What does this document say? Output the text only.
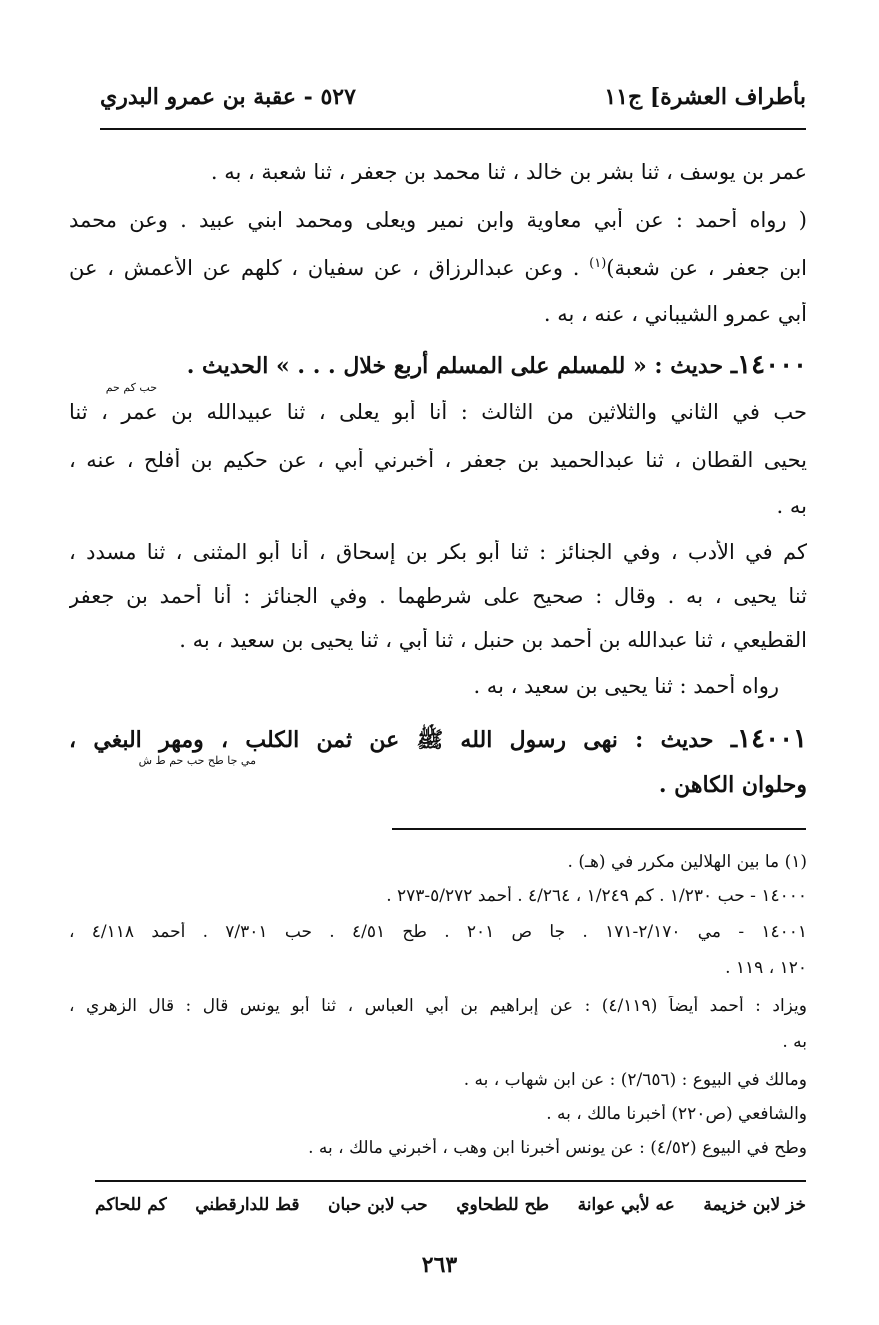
بأطراف العشرة] ج١١
٥٢٧ - عقبة بن عمرو البدري
عمر بن يوسف ، ثنا بشر بن خالد ، ثنا محمد بن جعفر ، ثنا شعبة ، به .
( رواه أحمد : عن أبي معاوية وابن نمير ويعلى ومحمد ابني عبيد . وعن محمد
ابن جعفر ، عن شعبة)$^{(١)}$ . وعن عبدالرزاق ، عن سفيان ، كلهم عن الأعمش ، عن
أبي عمرو الشيباني ، عنه ، به .
١٤٠٠٠ـ حديث : « للمسلم على المسلم أربع خلال . . . » الحديث .
حب كم حم
حب في الثاني والثلاثين من الثالث : أنا أبو يعلى ، ثنا عبيدالله بن عمر ، ثنا
يحيى القطان ، ثنا عبدالحميد بن جعفر ، أخبرني أبي ، عن حكيم بن أفلح ، عنه ،
به .
كم في الأدب ، وفي الجنائز : ثنا أبو بكر بن إسحاق ، أنا أبو المثنى ، ثنا مسدد ،
ثنا يحيى ، به . وقال : صحيح على شرطهما . وفي الجنائز : أنا أحمد بن جعفر
القطيعي ، ثنا عبدالله بن أحمد بن حنبل ، ثنا أبي ، ثنا يحيى بن سعيد ، به .
رواه أحمد : ثنا يحيى بن سعيد ، به .
١٤٠٠١ـ حديث : نهى رسول الله ﷺ عن ثمن الكلب ، ومهر البغي ،
مي جا طح حب حم ط ش
وحلوان الكاهن .
(١) ما بين الهلالين مكرر في (هـ) .
١٤٠٠٠ - حب ١/٢٣٠ . كم ١/٢٤٩ ، ٤/٢٦٤ . أحمد ٥/٢٧٢-٢٧٣ .
١٤٠٠١ - مي ٢/١٧٠-١٧١ . جا ص ٢٠١ . طح ٤/٥١ . حب ٧/٣٠١ . أحمد ٤/١١٨ ،
١٢٠ ، ١١٩ .
ويزاد : أحمد أيضاً (٤/١١٩) : عن إبراهيم بن أبي العباس ، ثنا أبو يونس قال : قال الزهري ،
به .
ومالك في البيوع : (٢/٦٥٦) : عن ابن شهاب ، به .
والشافعي (ص٢٢٠) أخبرنا مالك ، به .
وطح في البيوع (٤/٥٢) : عن يونس أخبرنا ابن وهب ، أخبرني مالك ، به .
خز لابن خزيمة
عه لأبي عوانة
طح للطحاوي
حب لابن حبان
قط للدارقطني
كم للحاكم
٢٦٣
